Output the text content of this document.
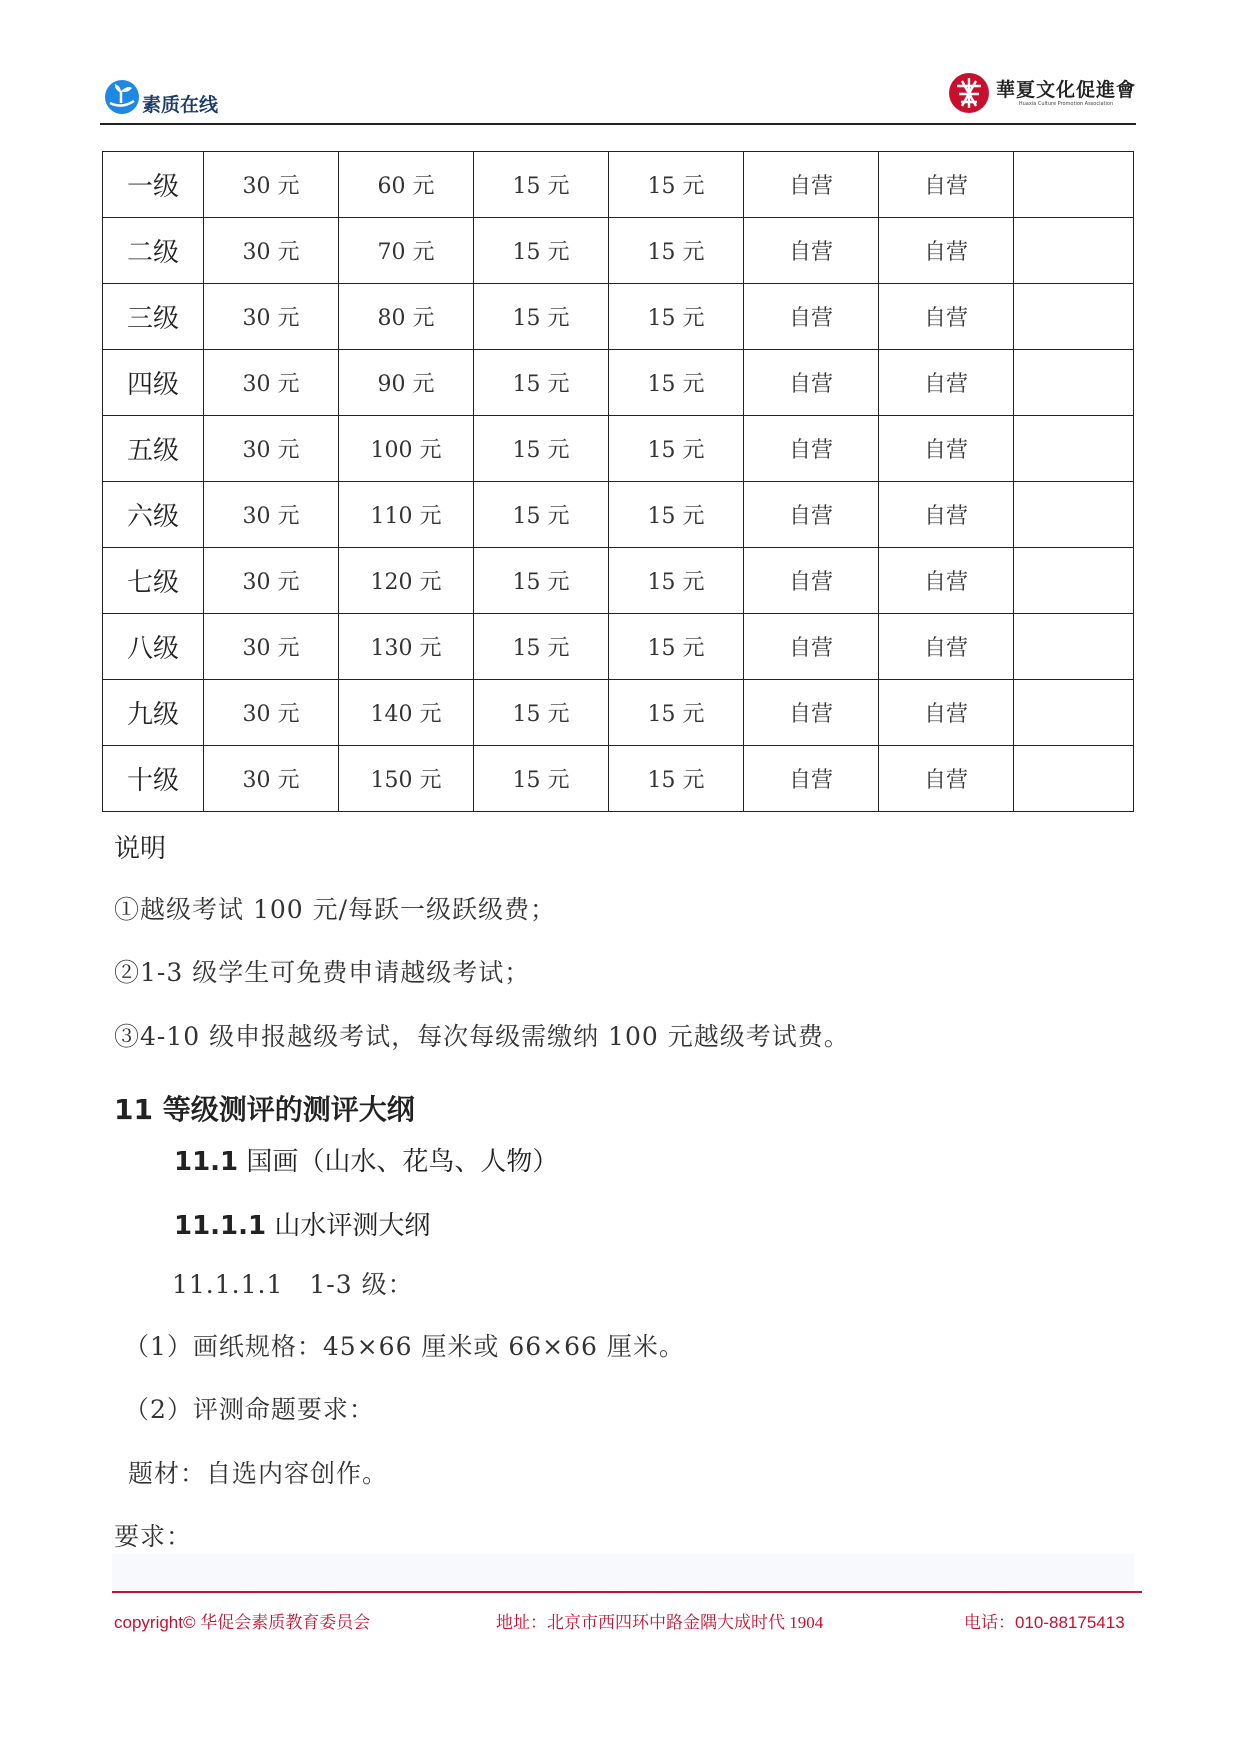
素质在线
華夏文化促進會
Huaxia Culture Promotion Association
一级	30 元	60 元	15 元	15 元	自营	自营	
二级	30 元	70 元	15 元	15 元	自营	自营	
三级	30 元	80 元	15 元	15 元	自营	自营	
四级	30 元	90 元	15 元	15 元	自营	自营	
五级	30 元	100 元	15 元	15 元	自营	自营	
六级	30 元	110 元	15 元	15 元	自营	自营	
七级	30 元	120 元	15 元	15 元	自营	自营	
八级	30 元	130 元	15 元	15 元	自营	自营	
九级	30 元	140 元	15 元	15 元	自营	自营	
十级	30 元	150 元	15 元	15 元	自营	自营	
说明
①越级考试 100 元/每跃一级跃级费；
②1-3 级学生可免费申请越级考试；
③4-10 级申报越级考试，每次每级需缴纳 100 元越级考试费。
11 等级测评的测评大纲
11.1 国画（山水、花鸟、人物）
11.1.1 山水评测大纲
11.1.1.1　1-3 级：
（1）画纸规格：45×66 厘米或 66×66 厘米。
（2）评测命题要求：
题材：自选内容创作。
要求：
copyright© 华促会素质教育委员会	地址：北京市西四环中路金隅大成时代 1904	电话：010-88175413
